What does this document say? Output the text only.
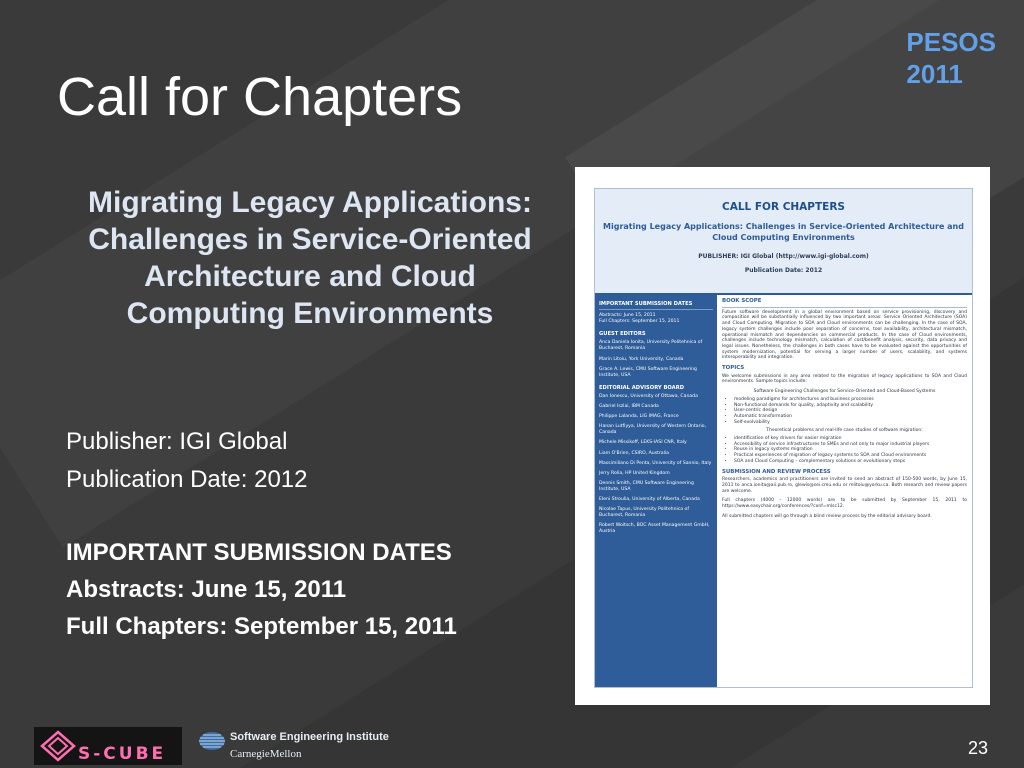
PESOS
2011
Call for Chapters
Migrating Legacy Applications: Challenges in Service-Oriented Architecture and Cloud Computing Environments
Publisher: IGI Global
Publication Date: 2012
IMPORTANT SUBMISSION DATES
Abstracts: June 15, 2011
Full Chapters: September 15, 2011
CALL FOR CHAPTERS
Migrating Legacy Applications: Challenges in Service-Oriented Architecture and Cloud Computing Environments
PUBLISHER: IGI Global (http://www.igi-global.com)
Publication Date: 2012
IMPORTANT SUBMISSION DATES
Abstracts: June 15, 2011
Full Chapters: September 15, 2011
GUEST EDITORS
Anca Daniela Ionita, University Politehnica of Bucharest, Romania
Marin Litoiu, York University, Canada
Grace A. Lewis, CMU Software Engineering Institute, USA
EDITORIAL ADVISORY BOARD
Dan Ionescu, University of Ottawa, Canada
Gabriel Iszlai, IBM Canada
Philippe Lalanda, LIG IMAG, France
Hanan Lutfiyya, University of Western Ontario, Canada
Michele Missikoff, LEKS-IASI CNR, Italy
Liam O'Brien, CSIRO, Australia
Massimiliano Di Penta, University of Sannio, Italy
Jerry Rolia, HP United Kingdom
Dennis Smith, CMU Software Engineering Institute, USA
Eleni Stroulia, University of Alberta, Canada
Nicolae Tapus, University Politehnica of Bucharest, Romania
Robert Woitsch, BOC Asset Management GmbH, Austria
BOOK SCOPE
Future software development in a global environment based on service provisioning, discovery and composition will be substantially influenced by two important areas: Service Oriented Architecture (SOA) and Cloud Computing. Migration to SOA and Cloud environments can be challenging. In the case of SOA, legacy system challenges include poor separation of concerns, tool availability, architectural mismatch, operational mismatch and dependencies on commercial products. In the case of Cloud environments, challenges include technology mismatch, calculation of cost/benefit analysis, security, data privacy and legal issues. Nonetheless, the challenges in both cases have to be evaluated against the opportunities of system modernization, potential for serving a larger number of users, scalability, and systems interoperability and integration.
TOPICS
We welcome submissions in any area related to the migration of legacy applications to SOA and Cloud environments. Sample topics include:
Software Engineering Challenges for Service-Oriented and Cloud-Based Systems
• modeling paradigms for architectures and business processes
• Non-functional demands for quality, adaptivity and scalability
• User-centric design
• Automatic transformation
• Self-evolvability
Theoretical problems and real-life case studies of software migration:
• identification of key drivers for easier migration
• Accessibility of service infrastructures to SMEs and not only to major industrial players
• Reuse in legacy systems migration
• Practical experiences of migration of legacy systems to SOA and Cloud environments
• SOA and Cloud Computing – complementary solutions or evolutionary steps
SUBMISSION AND REVIEW PROCESS
Researchers, academics and practitioners are invited to send an abstract of 150-500 words, by June 15, 2011 to anca.ionita@aii.pub.ro, glewis@sei.cmu.edu or mlitoiu@yorku.ca. Both research and review papers are welcome.
Full chapters (4000 - 12000 words) are to be submitted by September 15, 2011 to https://www.easychair.org/conferences/?conf=mlsc12.
All submitted chapters will go through a blind review process by the editorial advisory board.
S-CUBE
Software Engineering Institute
CarnegieMellon	23
